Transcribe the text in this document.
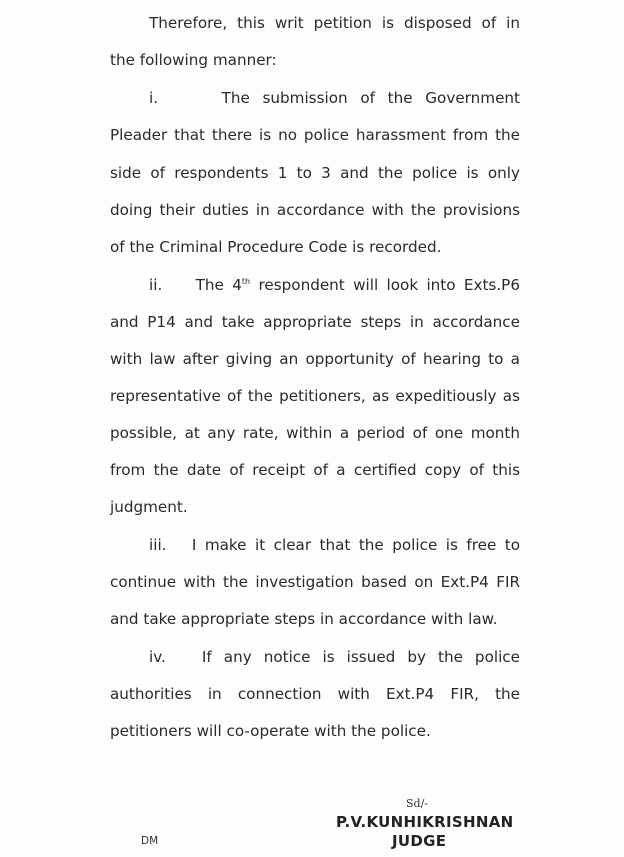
Therefore, this writ petition is disposed of in
the following manner:
i.	The submission of the Government
Pleader that there is no police harassment from the
side of respondents 1 to 3 and the police is only
doing their duties in accordance with the provisions
of the Criminal Procedure Code is recorded.
ii. The 4th respondent will look into Exts.P6
and P14 and take appropriate steps in accordance
with law after giving an opportunity of hearing to a
representative of the petitioners, as expeditiously as
possible, at any rate, within a period of one month
from the date of receipt of a certified copy of this
judgment.
iii. I make it clear that the police is free to
continue with the investigation based on Ext.P4 FIR
and take appropriate steps in accordance with law.
iv. If any notice is issued by the police
authorities in connection with Ext.P4 FIR, the
petitioners will co-operate with the police.
Sd/-
P.V.KUNHIKRISHNAN
JUDGE
DM
